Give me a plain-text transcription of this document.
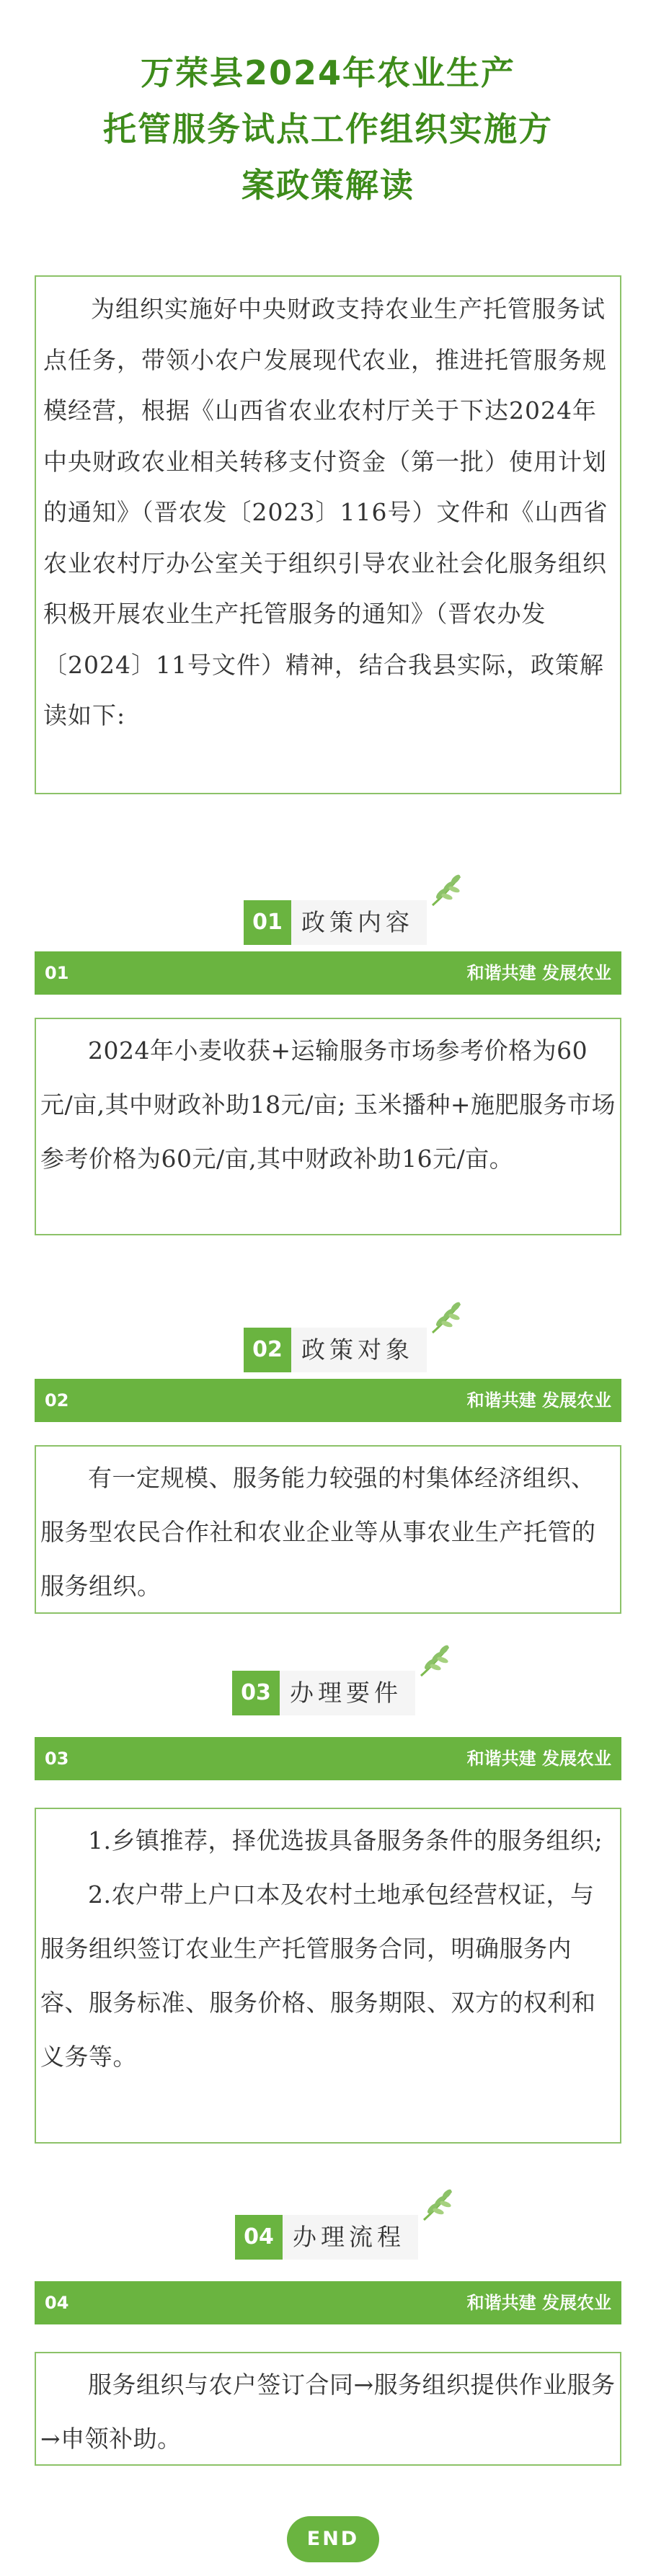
万荣县2024年农业生产
托管服务试点工作组织实施方
案政策解读

为组织实施好中央财政支持农业生产托管服务试点任务，带领小农户发展现代农业，推进托管服务规模经营，根据《山西省农业农村厅关于下达2024年中央财政农业相关转移支付资金（第一批）使用计划的通知》（晋农发〔2023〕116号）文件和《山西省农业农村厅办公室关于组织引导农业社会化服务组织积极开展农业生产托管服务的通知》（晋农办发〔2024〕11号文件）精神，结合我县实际，政策解读如下:

01 政策内容
01	和谐共建 发展农业

2024年小麦收获+运输服务市场参考价格为60元/亩,其中财政补助18元/亩; 玉米播种+施肥服务市场参考价格为60元/亩,其中财政补助16元/亩。

02 政策对象
02	和谐共建 发展农业

有一定规模、服务能力较强的村集体经济组织、服务型农民合作社和农业企业等从事农业生产托管的服务组织。

03 办理要件
03	和谐共建 发展农业

1.乡镇推荐，择优选拔具备服务条件的服务组织;

2.农户带上户口本及农村土地承包经营权证，与服务组织签订农业生产托管服务合同，明确服务内容、服务标准、服务价格、服务期限、双方的权利和义务等。

04 办理流程
04	和谐共建 发展农业

服务组织与农户签订合同→服务组织提供作业服务→申领补助。

END
